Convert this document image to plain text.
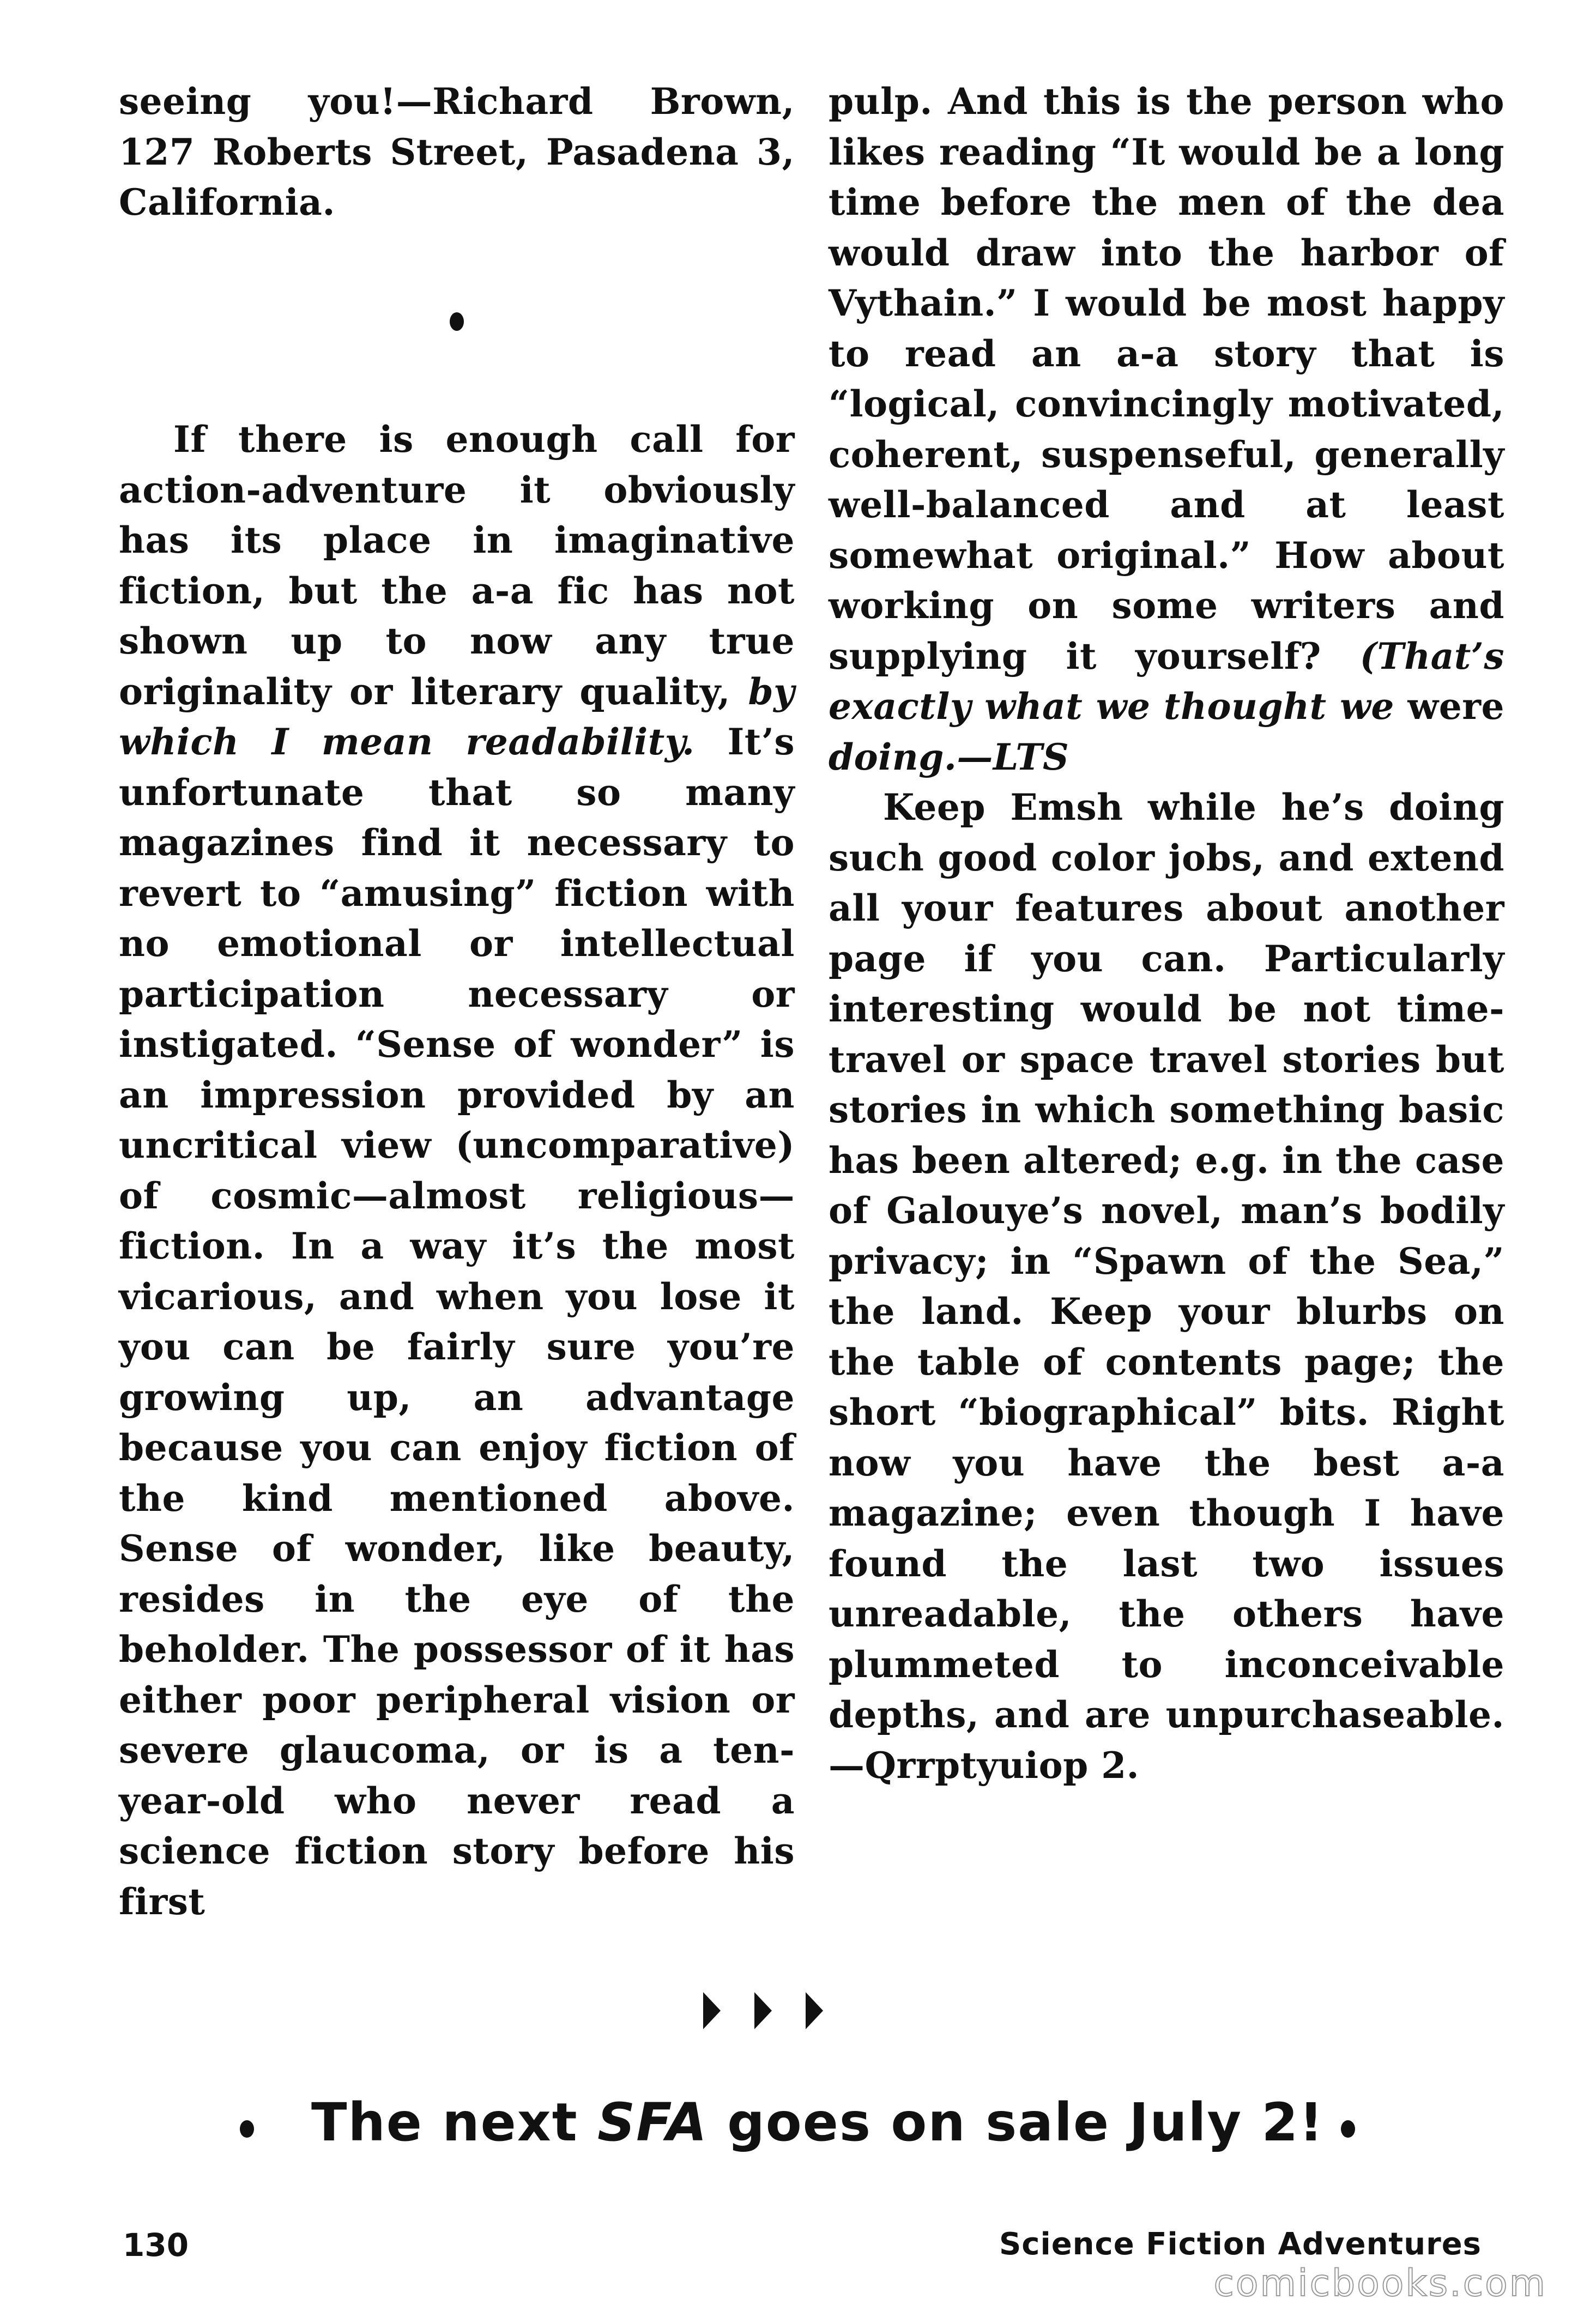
seeing you!—Richard Brown, 127 Roberts Street, Pasadena 3, California.

If there is enough call for action-adventure it obviously has its place in imaginative fiction, but the a-a fic has not shown up to now any true originality or literary quality, by which I mean readability. It’s unfortunate that so many magazines find it necessary to revert to “amusing” fiction with no emotional or intellectual participation necessary or instigated. “Sense of wonder” is an impression provided by an uncritical view (uncomparative) of cosmic—almost religious—fiction. In a way it’s the most vicarious, and when you lose it you can be fairly sure you’re growing up, an advantage because you can enjoy fiction of the kind mentioned above. Sense of wonder, like beauty, resides in the eye of the beholder. The possessor of it has either poor peripheral vision or severe glaucoma, or is a ten-year-old who never read a science fiction story before his first

pulp. And this is the person who likes reading “It would be a long time before the men of the dea would draw into the harbor of Vythain.” I would be most happy to read an a-a story that is “logical, convincingly motivated, coherent, suspenseful, generally well-balanced and at least somewhat original.” How about working on some writers and supplying it yourself? (That’s exactly what we thought we were doing.—LTS

Keep Emsh while he’s doing such good color jobs, and extend all your features about another page if you can. Particularly interesting would be not time-travel or space travel stories but stories in which something basic has been altered; e.g. in the case of Galouye’s novel, man’s bodily privacy; in “Spawn of the Sea,” the land. Keep your blurbs on the table of contents page; the short “biographical” bits. Right now you have the best a-a magazine; even though I have found the last two issues unreadable, the others have plummeted to inconceivable depths, and are unpurchaseable.—Qrrptyuiop 2.

The next SFA goes on sale July 2!
130	Science Fiction Adventures
comicbooks.com
